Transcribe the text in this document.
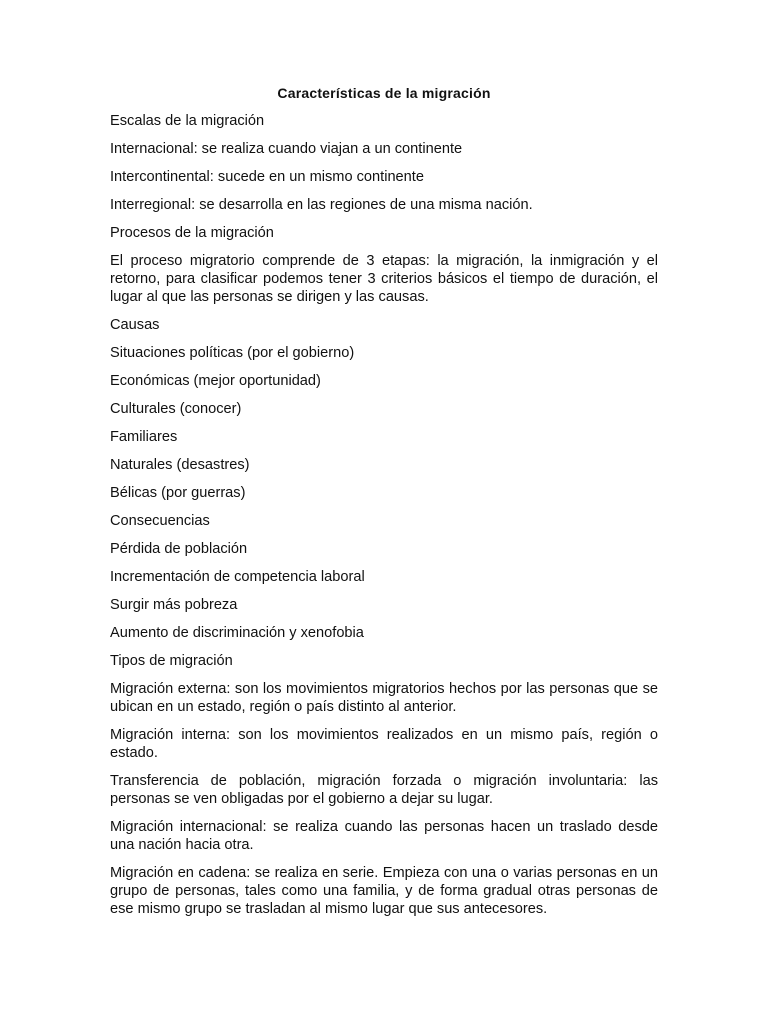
Características de la migración
Escalas de la migración
Internacional: se realiza cuando viajan a un continente
Intercontinental: sucede en un mismo continente
Interregional: se desarrolla en las regiones de una misma nación.
Procesos de la migración
El proceso migratorio comprende de 3 etapas: la migración, la inmigración y el retorno, para clasificar podemos tener 3 criterios básicos el tiempo de duración, el lugar al que las personas se dirigen y las causas.
Causas
Situaciones políticas (por el gobierno)
Económicas (mejor oportunidad)
Culturales (conocer)
Familiares
Naturales (desastres)
Bélicas (por guerras)
Consecuencias
Pérdida de población
Incrementación de competencia laboral
Surgir más pobreza
Aumento de discriminación y xenofobia
Tipos de migración
Migración externa: son los movimientos migratorios hechos por las personas que se ubican en un estado, región o país distinto al anterior.
Migración interna: son los movimientos realizados en un mismo país, región o estado.
Transferencia de población, migración forzada o migración involuntaria: las personas se ven obligadas por el gobierno a dejar su lugar.
Migración internacional: se realiza cuando las personas hacen un traslado desde una nación hacia otra.
Migración en cadena: se realiza en serie. Empieza con una o varias personas en un grupo de personas, tales como una familia, y de forma gradual otras personas de ese mismo grupo se trasladan al mismo lugar que sus antecesores.
